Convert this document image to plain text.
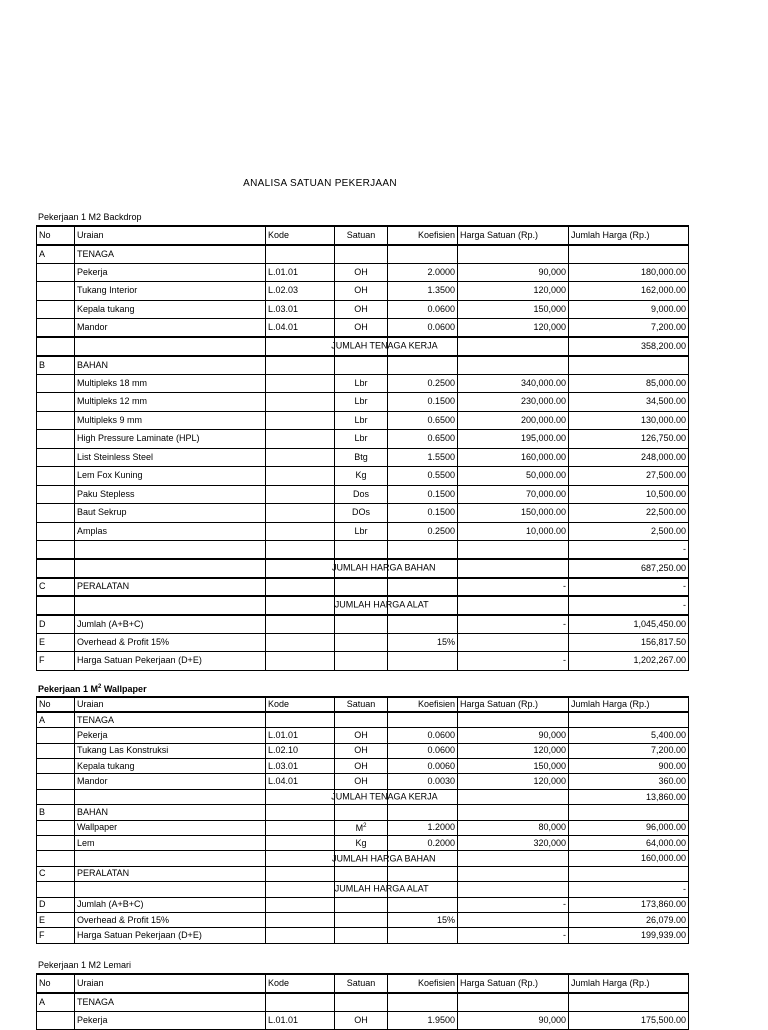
ANALISA SATUAN PEKERJAAN
Pekerjaan 1 M2 Backdrop
No	Uraian	Kode	Satuan	Koefisien	Harga Satuan (Rp.)	Jumlah Harga (Rp.)
A	TENAGA					
	Pekerja	L.01.01	OH	2.0000	90,000	180,000.00
	Tukang Interior	L.02.03	OH	1.3500	120,000	162,000.00
	Kepala tukang	L.03.01	OH	0.0600	150,000	9,000.00
	Mandor	L.04.01	OH	0.0600	120,000	7,200.00

			JUMLAH TENAGA KERJA			358,200.00
B	BAHAN					
	Multipleks 18 mm		Lbr	0.2500	340,000.00	85,000.00
	Multipleks 12 mm		Lbr	0.1500	230,000.00	34,500.00
	Multipleks 9 mm		Lbr	0.6500	200,000.00	130,000.00
	High Pressure Laminate (HPL)		Lbr	0.6500	195,000.00	126,750.00
	List Steinless Steel		Btg	1.5500	160,000.00	248,000.00
	Lem Fox Kuning		Kg	0.5500	50,000.00	27,500.00
	Paku Stepless		Dos	0.1500	70,000.00	10,500.00
	Baut Sekrup		DOs	0.1500	150,000.00	22,500.00
	Amplas		Lbr	0.2500	10,000.00	2,500.00
						-

			JUMLAH HARGA BAHAN			687,250.00
C	PERALATAN				-	-

			JUMLAH HARGA ALAT			-
D	Jumlah (A+B+C)				-	1,045,450.00
E	Overhead & Profit 15%			15%		156,817.50
F	Harga Satuan Pekerjaan (D+E)				-	1,202,267.00
Pekerjaan 1 $M^2$ Wallpaper
No	Uraian	Kode	Satuan	Koefisien	Harga Satuan (Rp.)	Jumlah Harga (Rp.)
A	TENAGA					
	Pekerja	L.01.01	OH	0.0600	90,000	5,400.00
	Tukang Las Konstruksi	L.02.10	OH	0.0600	120,000	7,200.00
	Kepala tukang	L.03.01	OH	0.0060	150,000	900.00
	Mandor	L.04.01	OH	0.0030	120,000	360.00

			JUMLAH TENAGA KERJA			13,860.00
B	BAHAN					
	Wallpaper		$M^2$	1.2000	80,000	96,000.00
	Lem		Kg	0.2000	320,000	64,000.00

			JUMLAH HARGA BAHAN			160,000.00
C	PERALATAN					

			JUMLAH HARGA ALAT			-
D	Jumlah (A+B+C)				-	173,860.00
E	Overhead & Profit 15%			15%		26,079.00
F	Harga Satuan Pekerjaan (D+E)				-	199,939.00
Pekerjaan 1 M2 Lemari
No	Uraian	Kode	Satuan	Koefisien	Harga Satuan (Rp.)	Jumlah Harga (Rp.)
A	TENAGA					
	Pekerja	L.01.01	OH	1.9500	90,000	175,500.00
